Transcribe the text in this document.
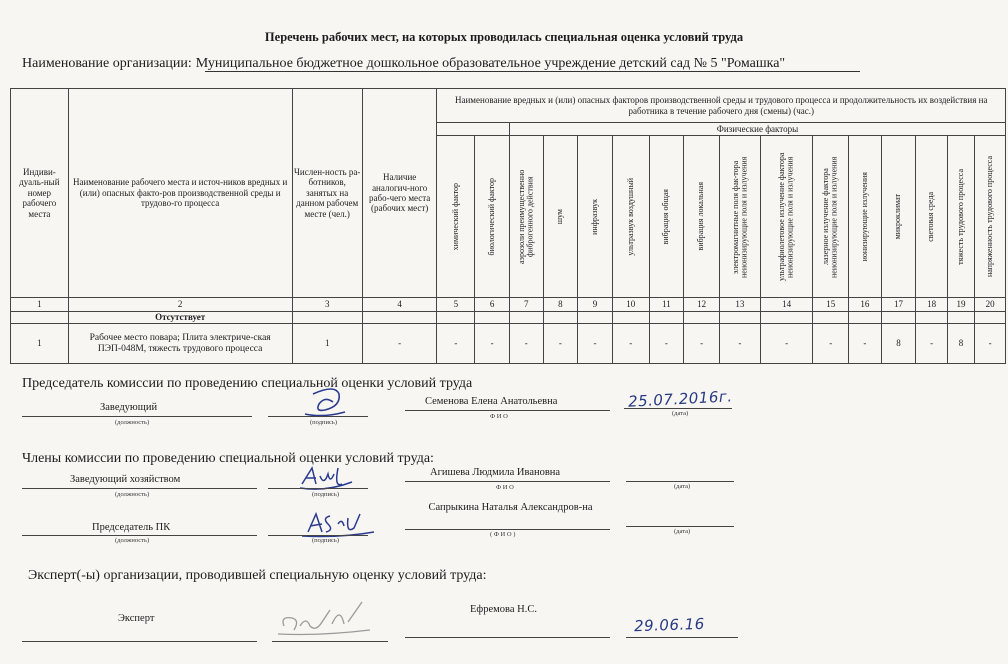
Перечень рабочих мест, на которых проводилась специальная оценка условий труда
Наименование организации: Муниципальное бюджетное дошкольное образовательное учреждение детский сад № 5 "Ромашка"
Индиви-дуаль-ный номер рабочего места	Наименование рабочего места и источ-ников вредных и (или) опасных факто-ров производственной среды и трудово-го процесса	Числен-ность ра-ботников, занятых на данном рабочем месте (чел.)	Наличие аналогич-ного рабо-чего места (рабочих мест)	Наименование вредных и (или) опасных факторов производственной среды и трудового процесса и продолжительность их воздействия на работника в течение рабочего дня (смены) (час.)															
						Физические факторы													

				химический фактор	биологический фактор	аэрозоли преимущественно фиброгенного действия	шум	инфразвук	ультразвук воздушный	вибрация общая	вибрация локальная	электромагнитные поля фак-тора неионизирующие поля и излучения	ультрафиолетовое излучение фактора неионизирующие поля и излучения	лазерное излучение фактора неионизирующие поля и излучения	ионизирующие излучения	микроклимат	световая среда	тяжесть трудового процесса	напряженность трудового процесса

1	2	3	4	5	6	7	8	9	10	11	12	13	14	15	16	17	18	19	20
	Отсутствует																		
1	Рабочее место повара; Плита электриче-ская ПЭП-048М, тяжесть трудового процесса	1	-	-	-	-	-	-	-	-	-	-	-	-	-	8	-	8	-
Председатель комиссии по проведению специальной оценки условий труда
Заведующий
(должность)	(подпись)
Семенова Елена Анатольевна
Ф И О
25.07.2016г.
(дата)
Члены комиссии по проведению специальной оценки условий труда:
Заведующий хозяйством
(должность)	(подпись)
Агишева Людмила Ивановна
Ф И О	(дата)
Председатель ПК
(должность)	(подпись)
Сапрыкина Наталья Александров-на
( Ф И О )	(дата)
Эксперт(-ы) организации, проводившей специальную оценку условий труда:
Эксперт
Ефремова Н.С.
29.06.16
